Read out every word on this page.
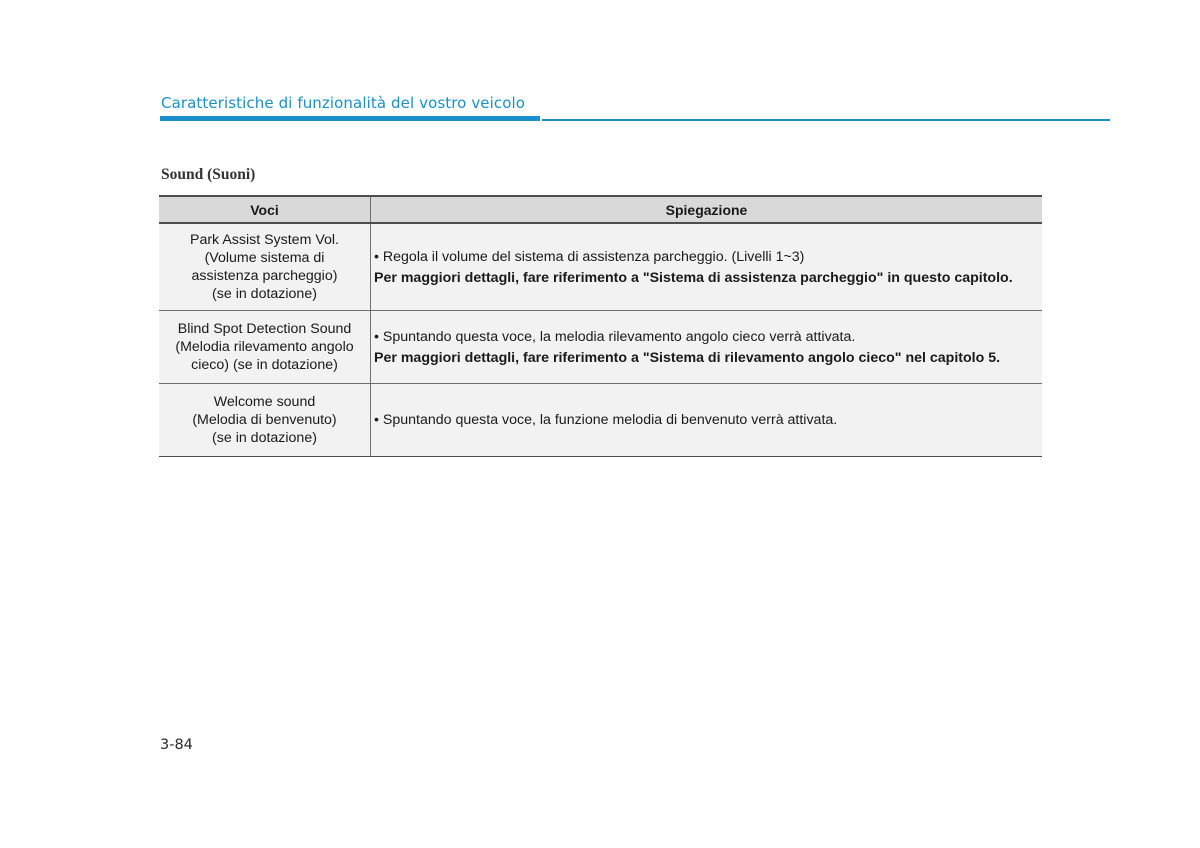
Caratteristiche di funzionalità del vostro veicolo
Sound (Suoni)
Voci	Spiegazione

Park Assist System Vol.
(Volume sistema di
assistenza parcheggio)
(se in dotazione)	• Regola il volume del sistema di assistenza parcheggio. (Livelli 1~3)
Per maggiori dettagli, fare riferimento a "Sistema di assistenza parcheggio" in questo capitolo.

Blind Spot Detection Sound
(Melodia rilevamento angolo
cieco) (se in dotazione)	• Spuntando questa voce, la melodia rilevamento angolo cieco verrà attivata.
Per maggiori dettagli, fare riferimento a "Sistema di rilevamento angolo cieco" nel capitolo 5.

Welcome sound
(Melodia di benvenuto)
(se in dotazione)	• Spuntando questa voce, la funzione melodia di benvenuto verrà attivata.
3-84
